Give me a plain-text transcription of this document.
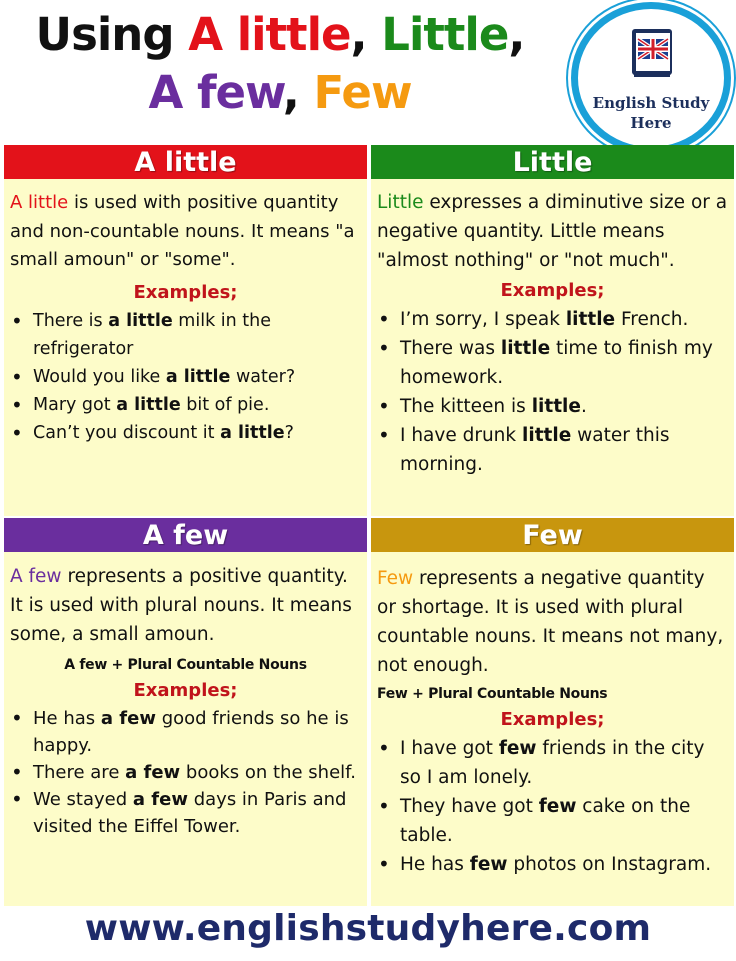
Using A little, Little,
A few, Few	English Study
Here
A little

A little is used with positive quantity and non-countable nouns. It means "a small amoun" or "some".

Examples;
• There is a little milk in the refrigerator
• Would you like a little water?
• Mary got a little bit of pie.
• Can’t you discount it a little?
Little

Little expresses a diminutive size or a negative quantity. Little means "almost nothing" or "not much".

Examples;
• I’m sorry, I speak little French.
• There was little time to finish my homework.
• The kitteen is little.
• I have drunk little water this morning.
A few

A few represents a positive quantity. It is used with plural nouns. It means some, a small amoun.

A few + Plural Countable Nouns
Examples;
• He has a few good friends so he is happy.
• There are a few books on the shelf.
• We stayed a few days in Paris and visited the Eiffel Tower.
Few

Few represents a negative quantity or shortage. It is used with plural countable nouns. It means not many, not enough.

Few + Plural Countable Nouns
Examples;
• I have got few friends in the city so I am lonely.
• They have got few cake on the table.
• He has few photos on Instagram.
www.englishstudyhere.com
